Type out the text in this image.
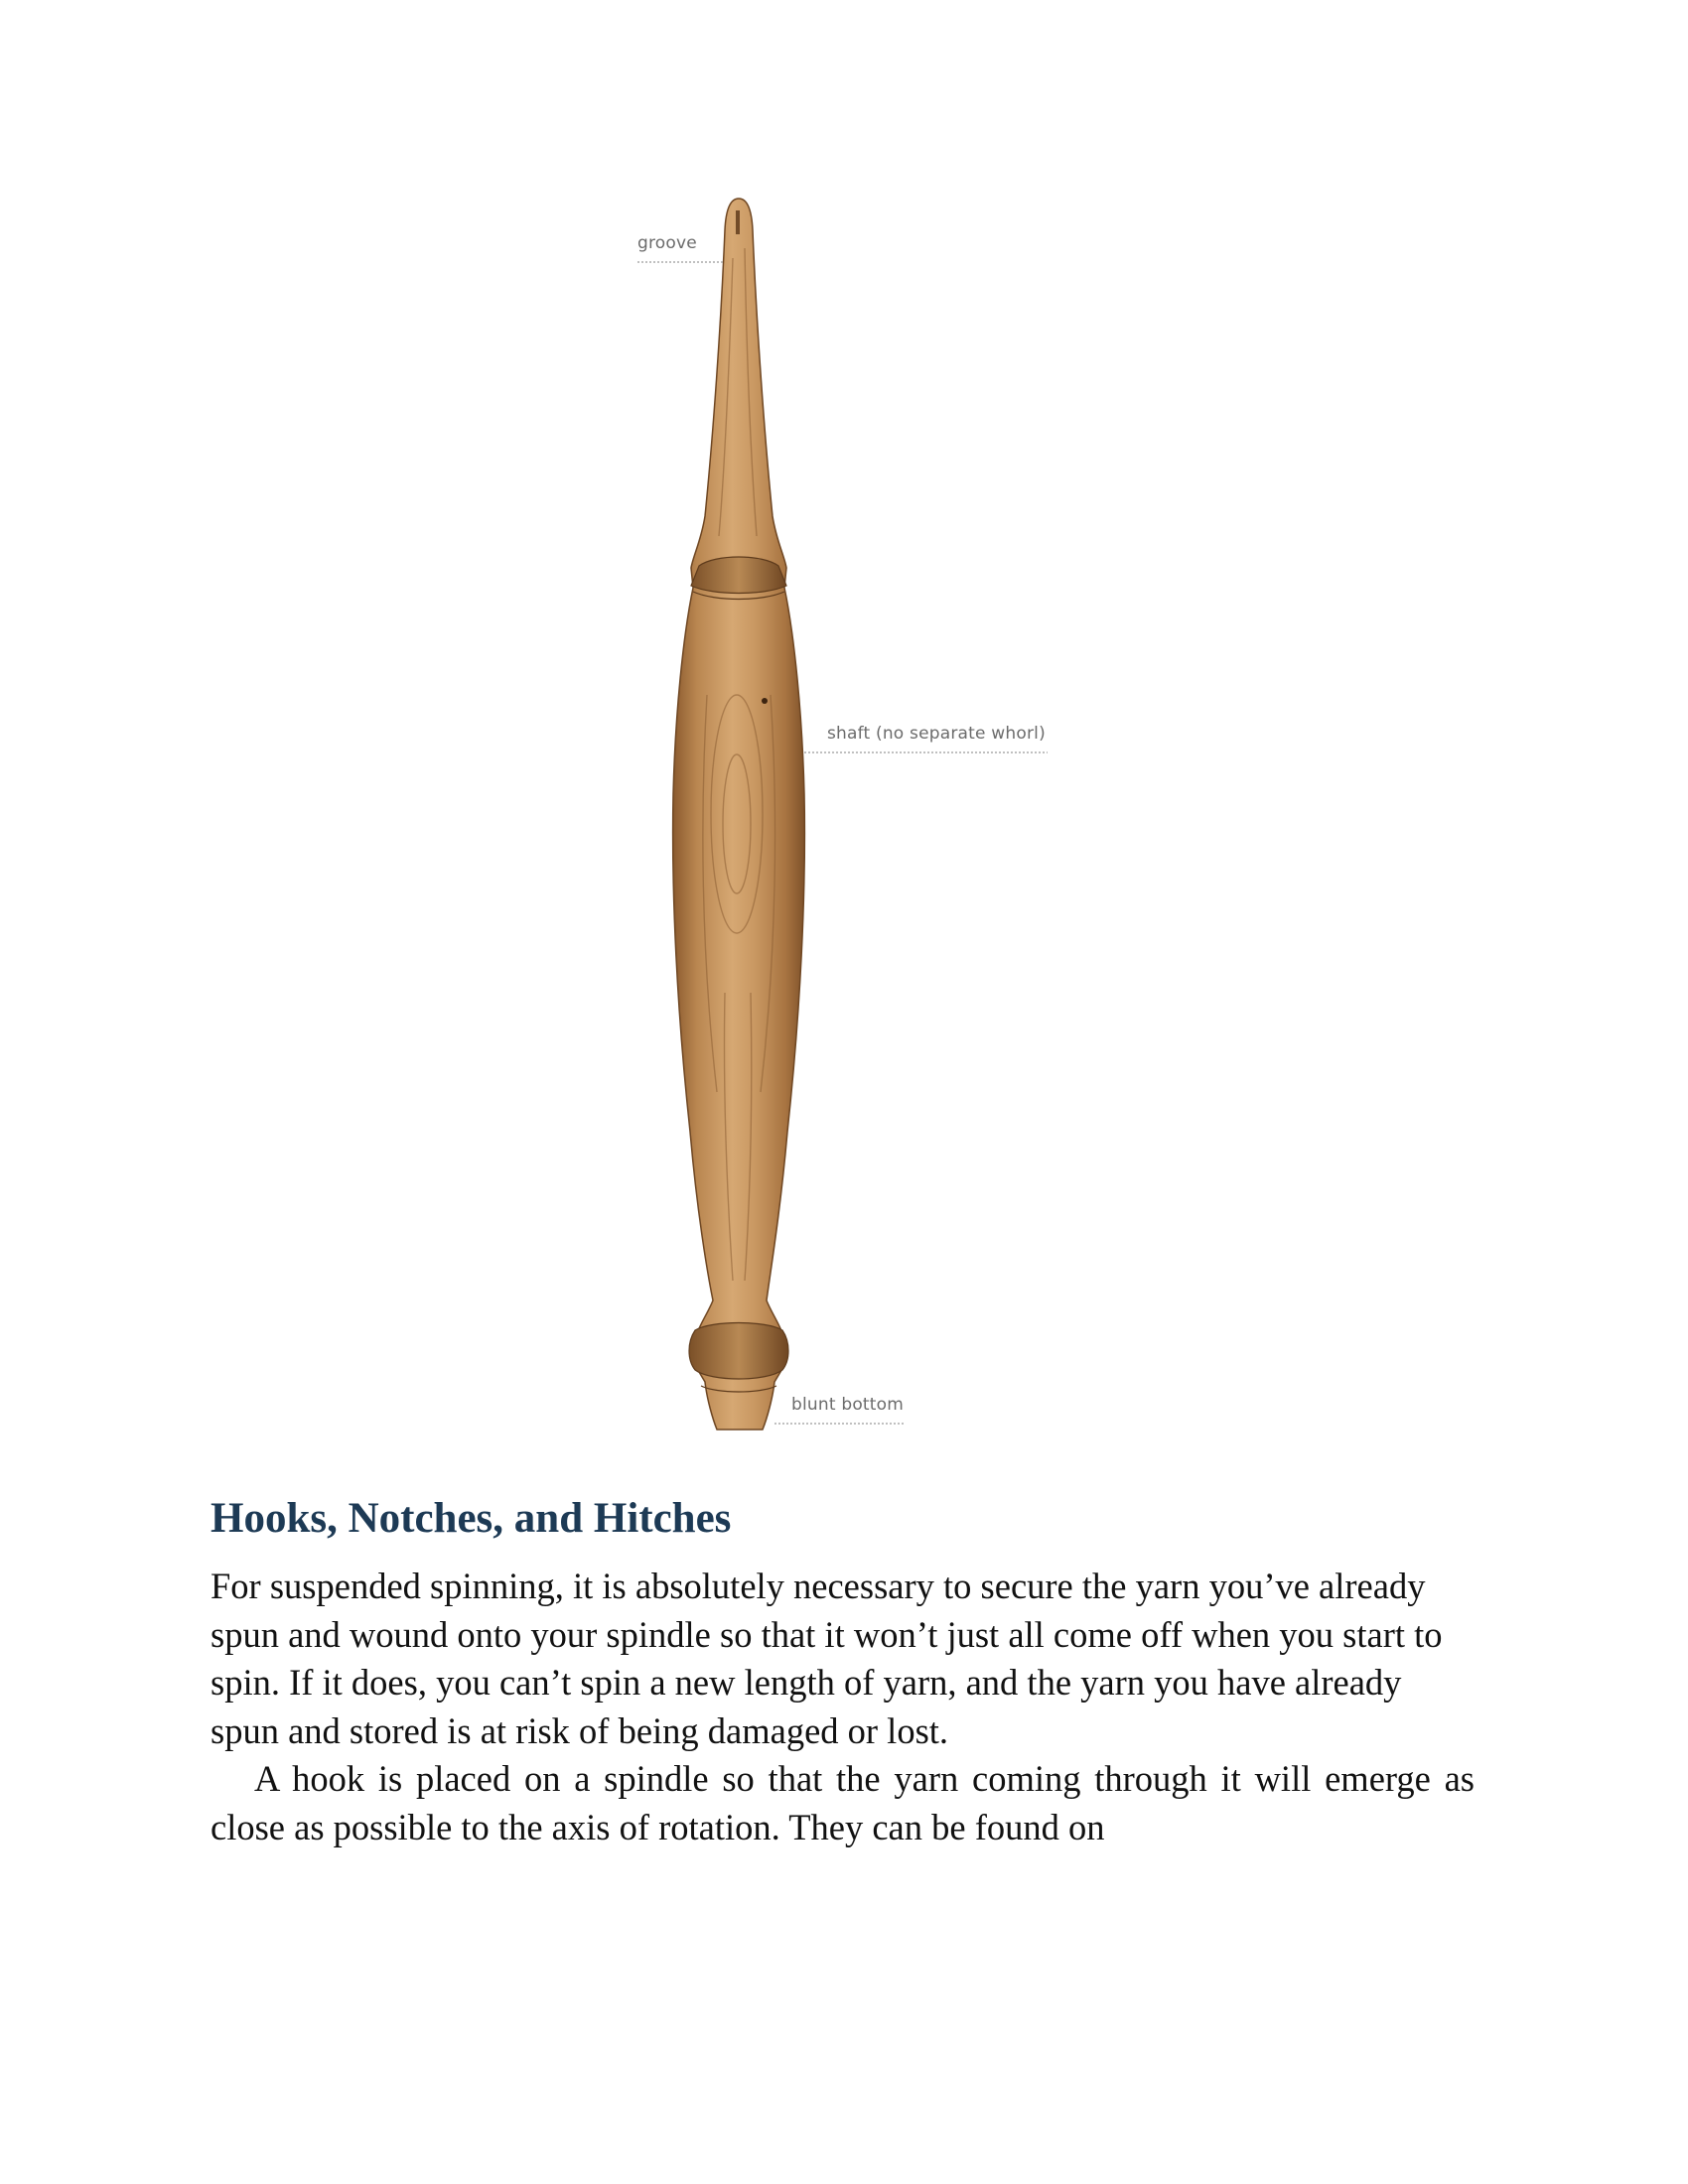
groove
shaft (no separate whorl)
blunt bottom
Hooks, Notches, and Hitches

For suspended spinning, it is absolutely necessary to secure the yarn you’ve already spun and wound onto your spindle so that it won’t just all come off when you start to spin. If it does, you can’t spin a new length of yarn, and the yarn you have already spun and stored is at risk of being damaged or lost.

A hook is placed on a spindle so that the yarn coming through it will emerge as close as possible to the axis of rotation. They can be found on
